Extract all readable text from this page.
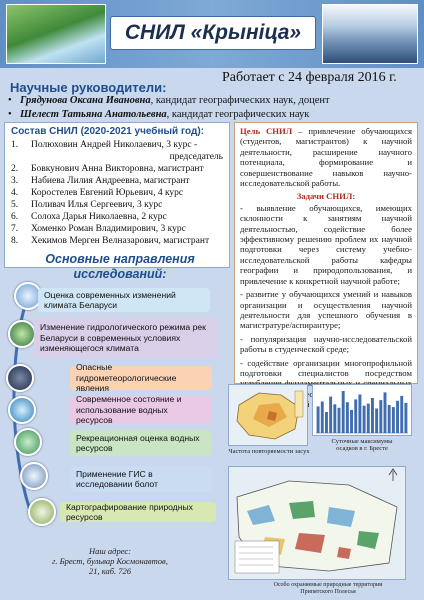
СНИЛ «Крыніца»
Научные руководители:
Работает с 24 февраля 2016 г.
• Грядунова Оксана Ивановна, кандидат географических наук, доцент
• Шелест Татьяна Анатольевна, кандидат географических наук
Состав СНИЛ (2020-2021 учебный год):
1.	Полюховин Андрей Николаевич, 3 курс -
председатель
2.	Бовкунович Анна Викторовна, магистрант
3.	Набиева Лилия Андреевна, магистрант
4.	Коростелев Евгений Юрьевич, 4 курс
5.	Поливач Илья Сергеевич, 3 курс
6.	Солоха Дарья Николаевна, 2 курс
7.	Хоменко Роман Владимирович, 3 курс
8.	Хекимов Мерген Велназарович, магистрант

Цель СНИЛ – привлечение обучающихся (студентов, магистрантов) к научной деятельности, расширение научного потенциала, формирование и совершенствование навыков научно-исследовательской работы.

Задачи СНИЛ:

- выявление обучающихся, имеющих склонности к занятиям научной деятельностью, содействие более эффективному решению проблем их научной подготовки через систему учебно-исследовательской работы кафедры географии и природопользования, и привлечение к конкретной научной работе;

- развитие у обучающихся умений и навыков организации и осуществления научной деятельности для успешного обучения в магистратуре/аспирантуре;

- популяризация научно-исследовательской работы в студенческой среде;

- содействие организации многопрофильной подготовки специалистов посредством

Основные направления
исследований:
Оценка современных изменений климата Беларуси
Изменение гидрологического режима рек Беларуси в современных условиях изменяющегося климата
Опасные гидрометеорологические явления
Современное состояние и использование водных ресурсов
Рекреационная оценка водных ресурсов
Применение ГИС в исследовании болот
Картографирование природных ресурсов
Частота повторяемости засух
Суточные максимумы
осадков в г. Бресте
Особо охраняемые природные территории
Припятского Полесья
Наш адрес:
г. Брест, бульвар Космонавтов,
21, каб. 726
